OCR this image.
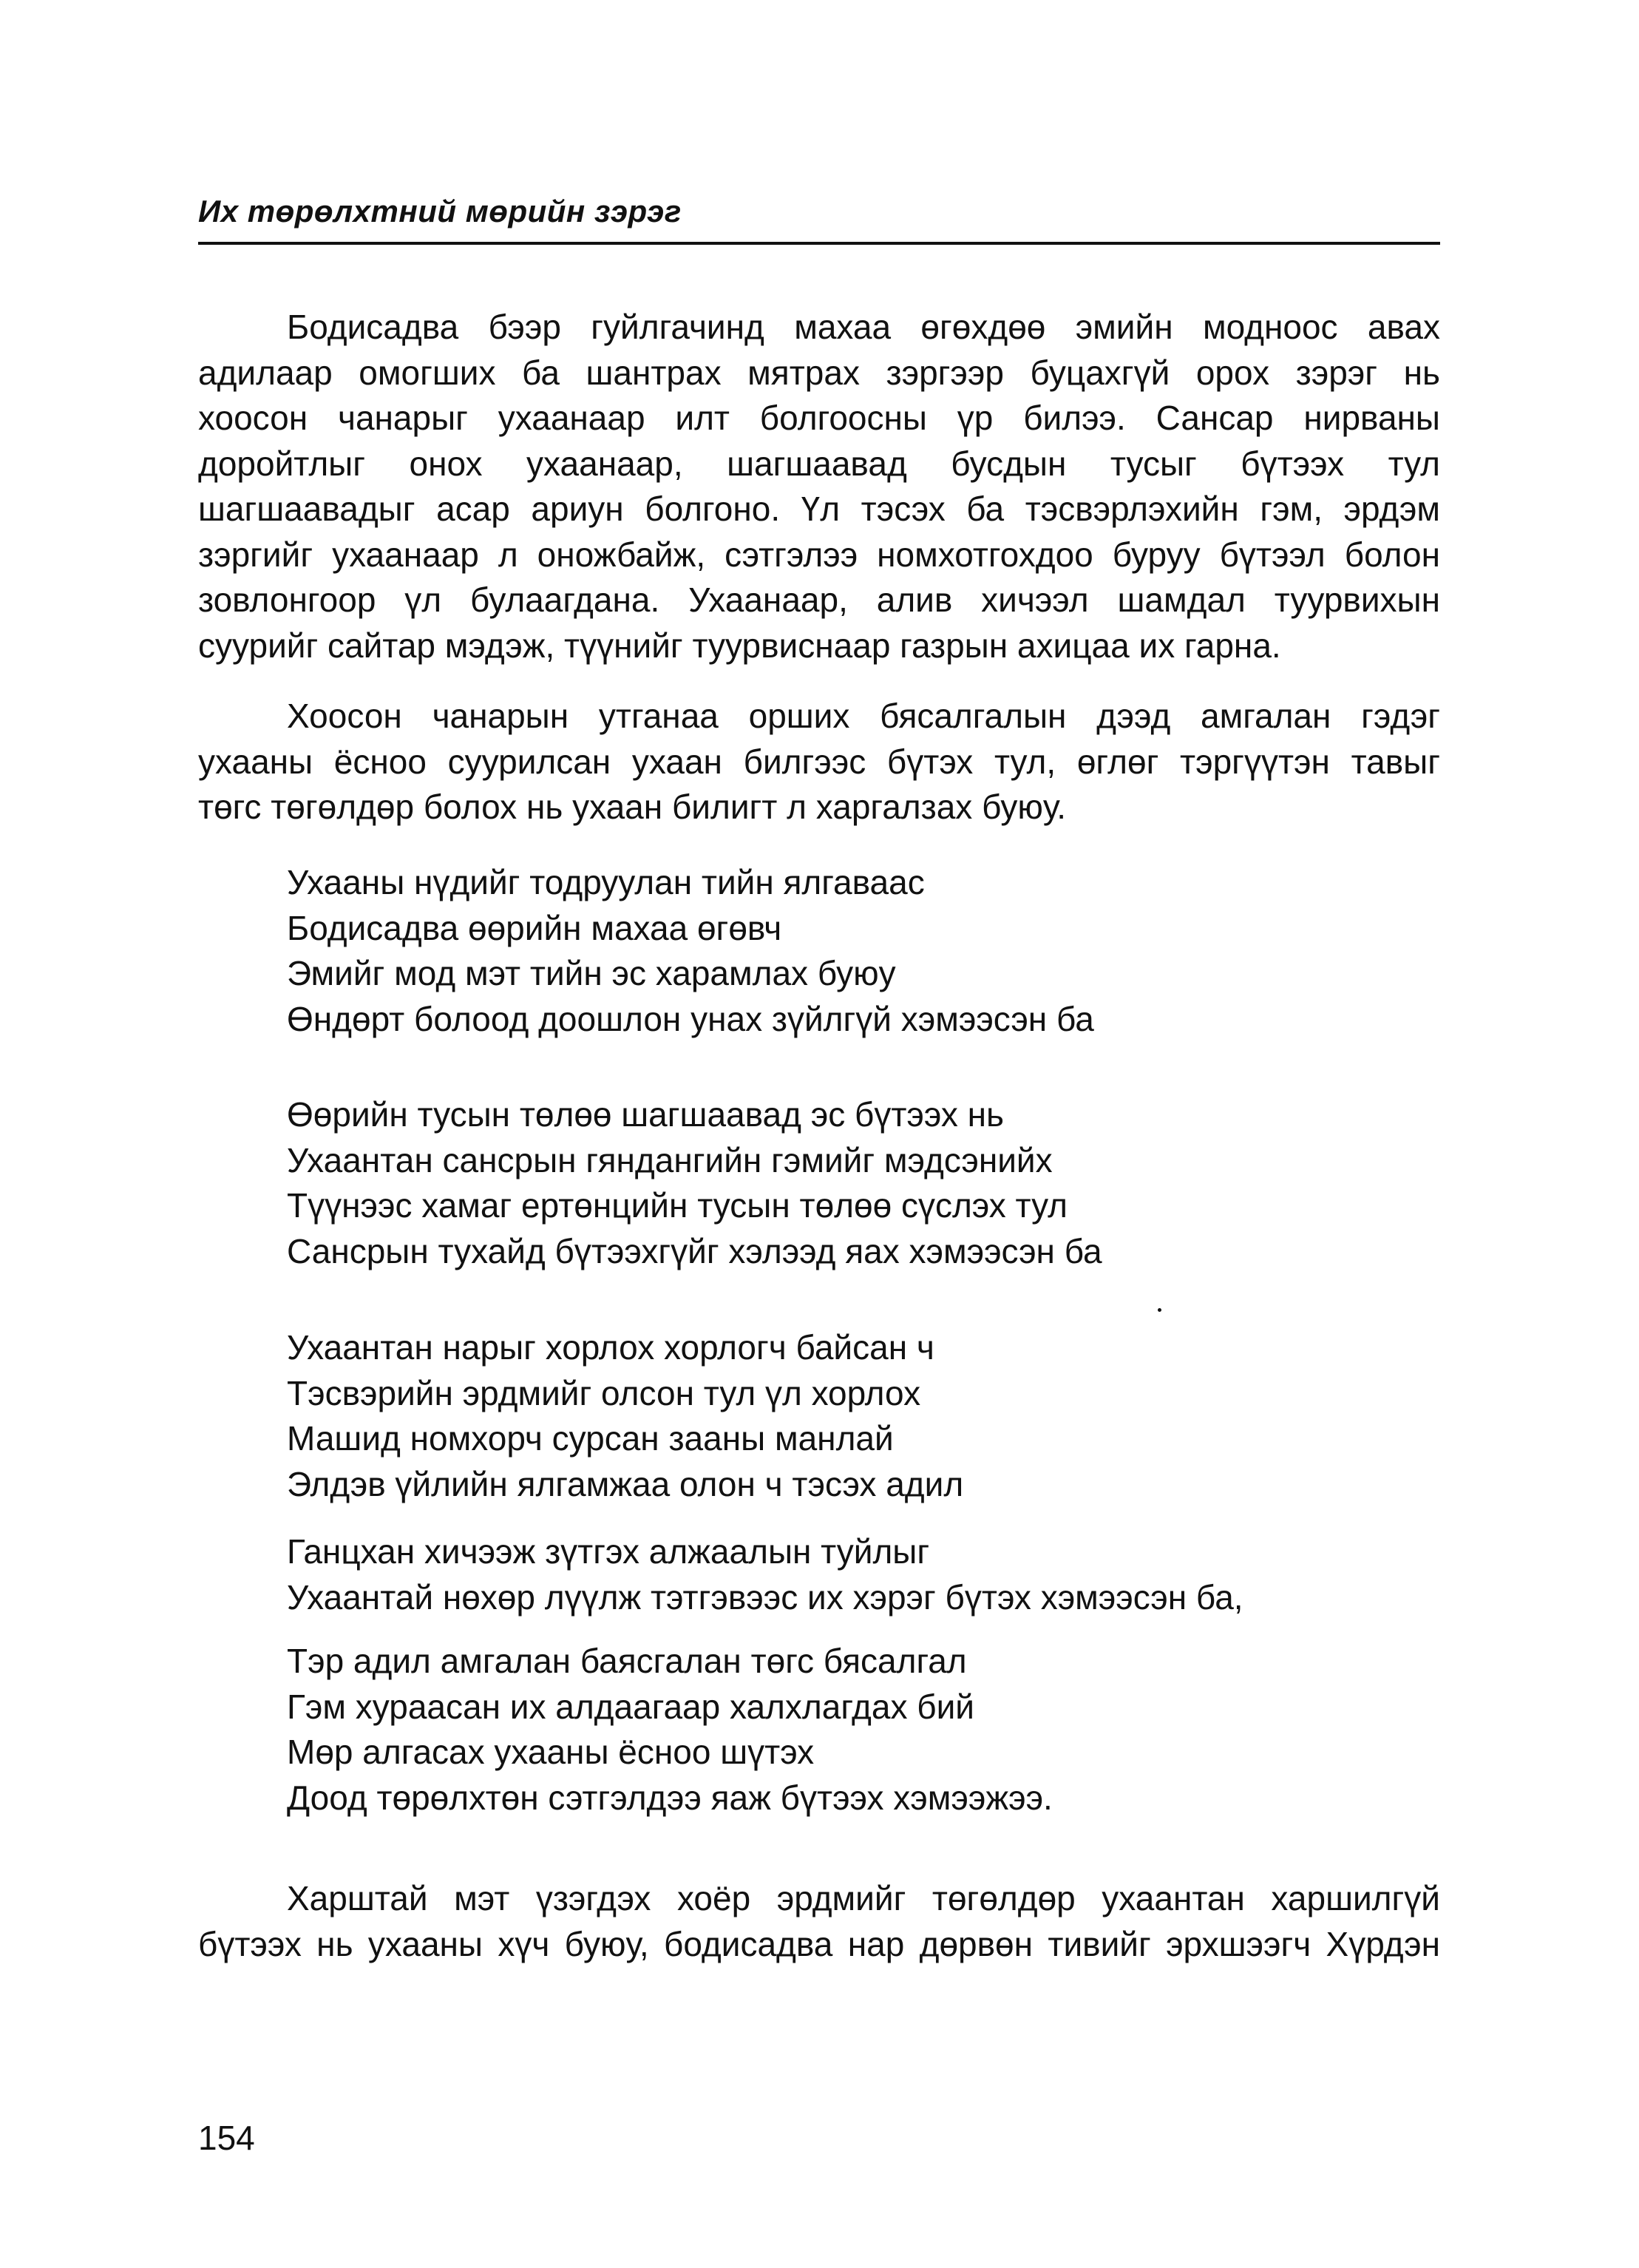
Их төрөлхтний мөрийн зэрэг
Бодисадва бээр гуйлгачинд махаа өгөхдөө эмийн модноос авах
адилаар омогших ба шантрах мятрах зэргээр буцахгүй орох зэрэг нь
хоосон чанарыг ухаанаар илт болгоосны үр билээ. Сансар нирваны
доройтлыг онох ухаанаар, шагшаавад бусдын тусыг бүтээх тул
шагшаавадыг асар ариун болгоно. Үл тэсэх ба тэсвэрлэхийн гэм, эрдэм
зэргийг ухаанаар л оножбайж, сэтгэлээ номхотгохдоо буруу бүтээл болон
зовлонгоор үл булаагдана. Ухаанаар, алив хичээл шамдал туурвихын
суурийг сайтар мэдэж, түүнийг туурвиснаар газрын ахицаа их гарна.
Хоосон чанарын утганаа орших бясалгалын дээд амгалан гэдэг
ухааны ёсноо суурилсан ухаан билгээс бүтэх тул, өглөг тэргүүтэн тавыг
төгс төгөлдөр болох нь ухаан билигт л харгалзах буюу.
Ухааны нүдийг тодруулан тийн ялгаваас
Бодисадва өөрийн махаа өгөвч
Эмийг мод мэт тийн эс харамлах буюу
Өндөрт болоод доошлон унах зүйлгүй хэмээсэн ба
Өөрийн тусын төлөө шагшаавад эс бүтээх нь
Ухаантан сансрын гяндангийн гэмийг мэдсэнийх
Түүнээс хамаг ертөнцийн тусын төлөө сүслэх тул
Сансрын тухайд бүтээхгүйг хэлээд яах хэмээсэн ба
Ухаантан нарыг хорлох хорлогч байсан ч
Тэсвэрийн эрдмийг олсон тул үл хорлох
Машид номхорч сурсан зааны манлай
Элдэв үйлийн ялгамжаа олон ч тэсэх адил
Ганцхан хичээж зүтгэх алжаалын туйлыг
Ухаантай нөхөр лүүлж тэтгэвээс их хэрэг бүтэх хэмээсэн ба,
Тэр адил амгалан баясгалан төгс бясалгал
Гэм хураасан их алдаагаар халхлагдах бий
Мөр алгасах ухааны ёсноо шүтэх
Доод төрөлхтөн сэтгэлдээ яаж бүтээх хэмээжээ.
Харштай мэт үзэгдэх хоёр эрдмийг төгөлдөр ухаантан харшилгүй
бүтээх нь ухааны хүч буюу, бодисадва нар дөрвөн тивийг эрхшээгч Хүрдэн
154
